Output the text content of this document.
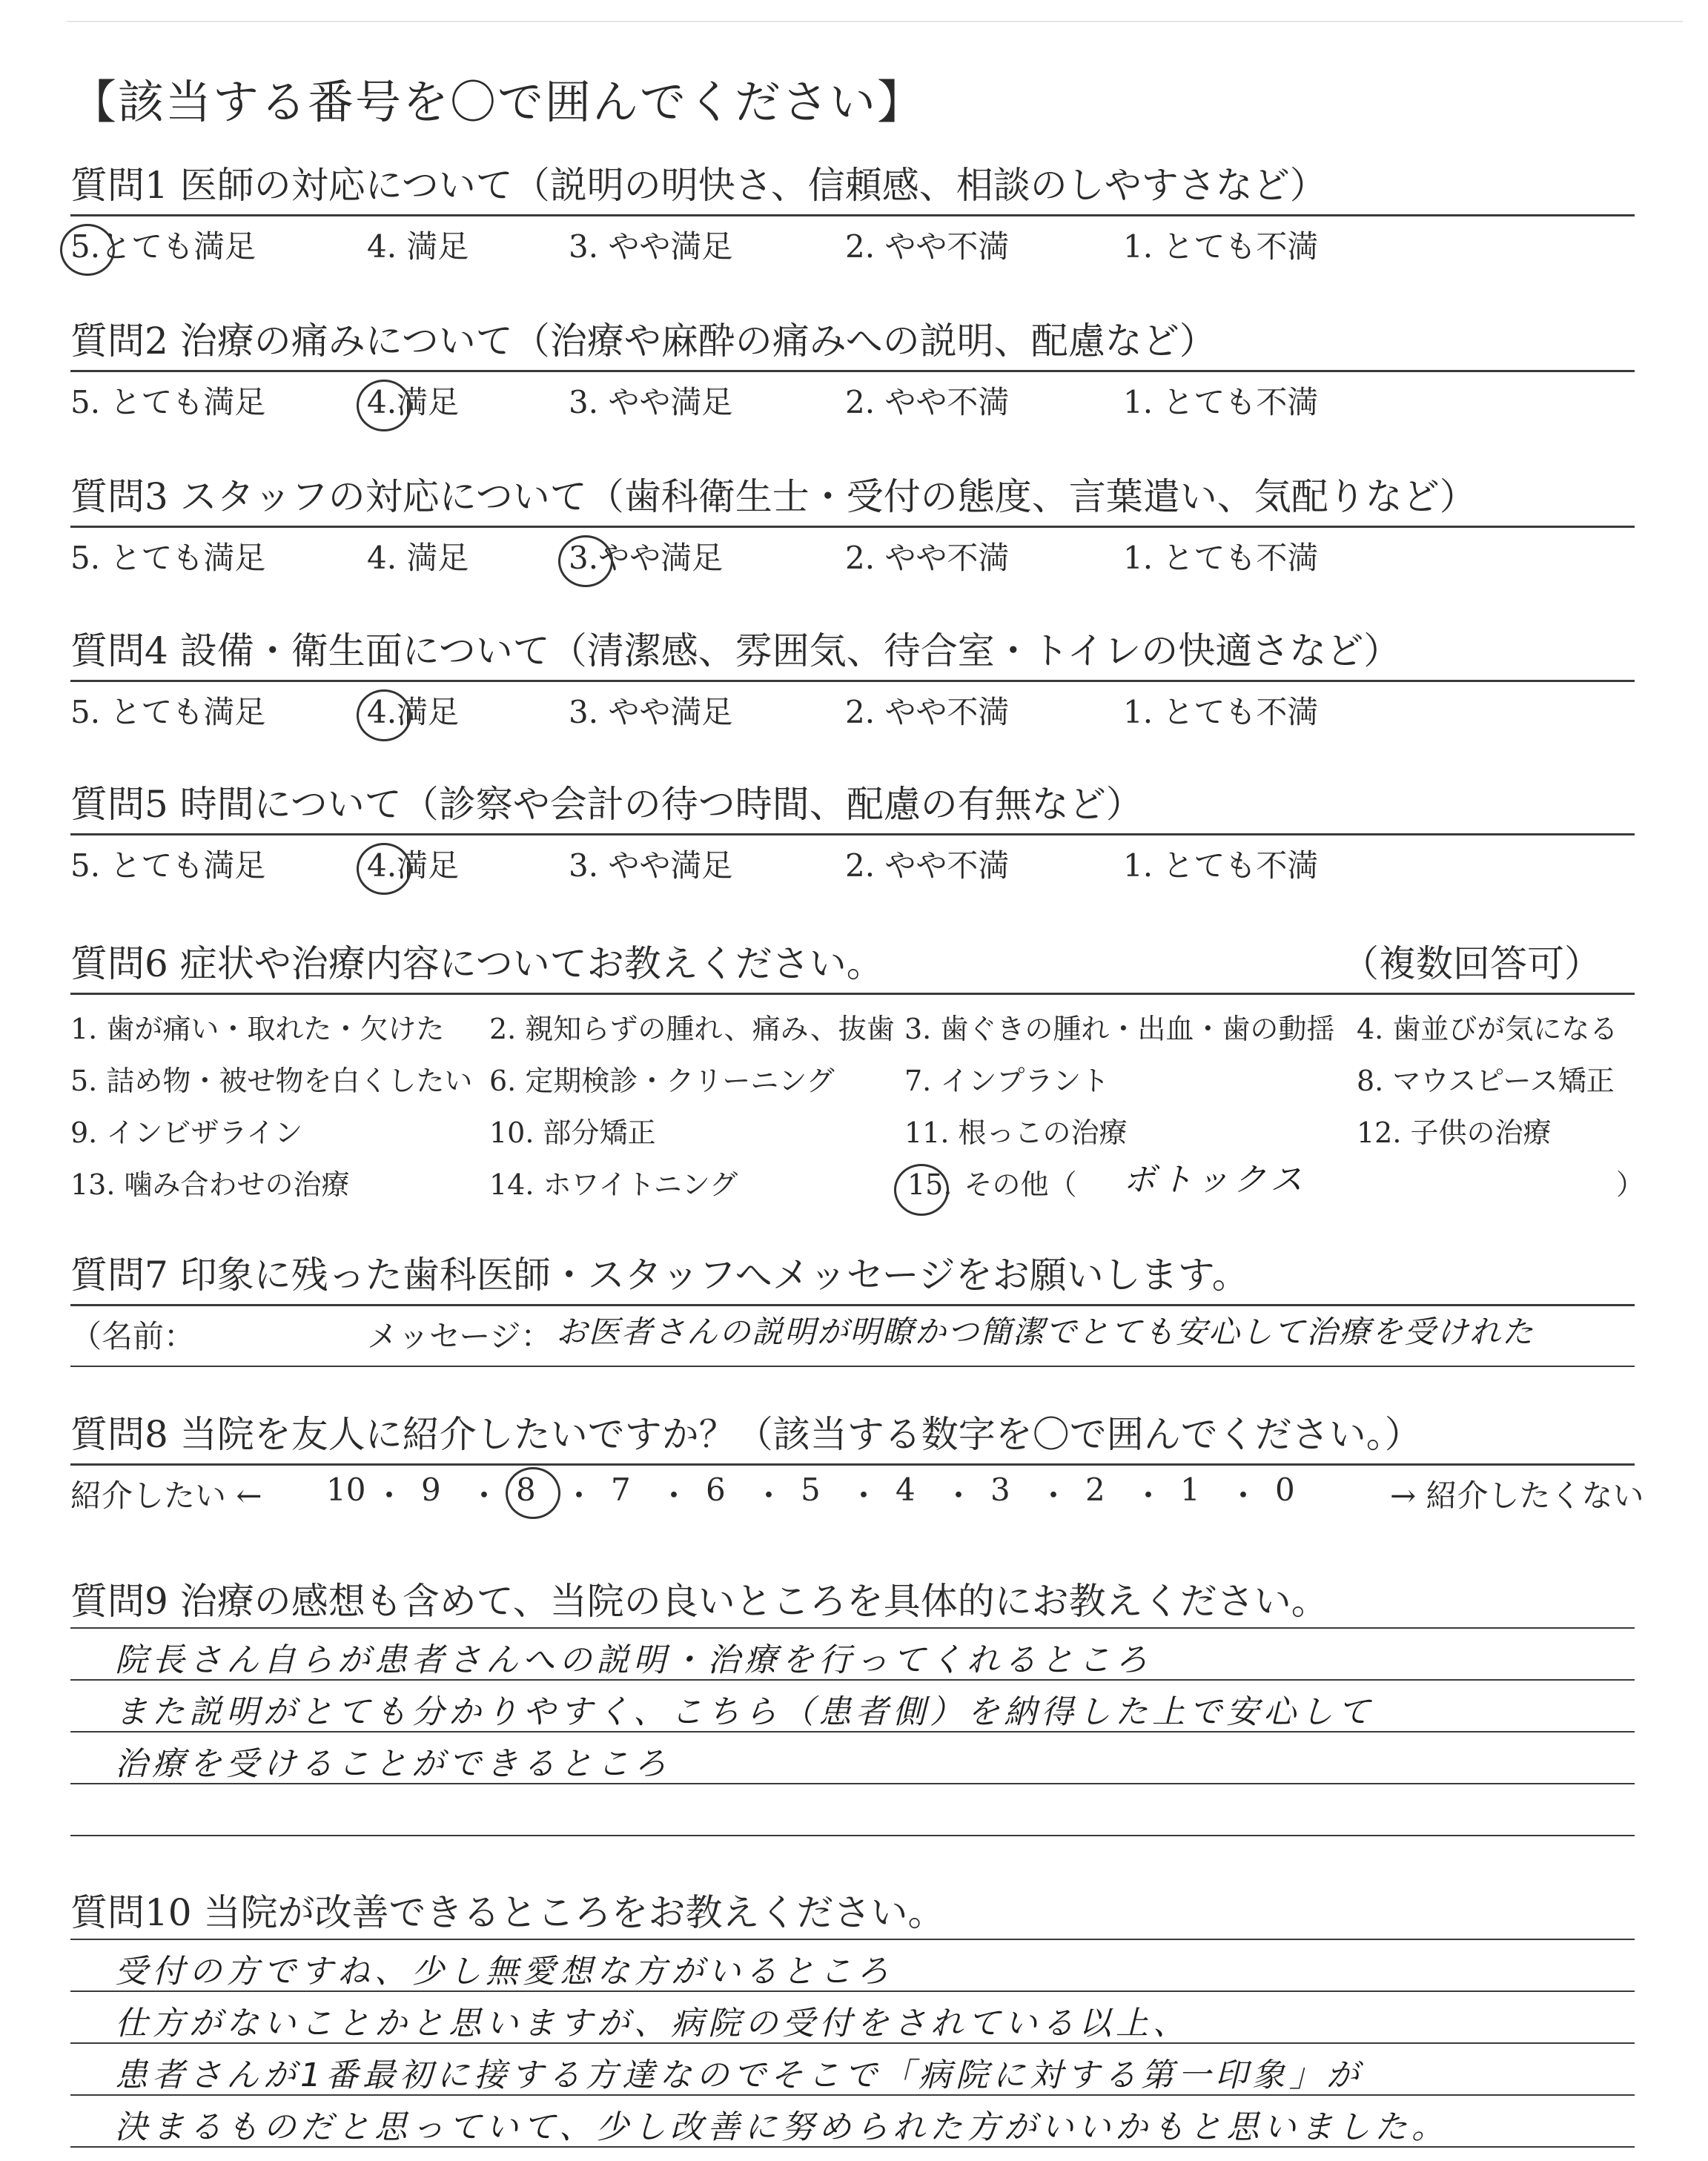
【該当する番号を〇で囲んでください】
質問1 医師の対応について（説明の明快さ、信頼感、相談のしやすさなど）
5.とても満足	4. 満足	3. やや満足	2. やや不満	1. とても不満
質問2 治療の痛みについて（治療や麻酔の痛みへの説明、配慮など）
5. とても満足	4.満足	3. やや満足	2. やや不満	1. とても不満
質問3 スタッフの対応について（歯科衛生士・受付の態度、言葉遣い、気配りなど）
5. とても満足	4. 満足	3.やや満足	2. やや不満	1. とても不満
質問4 設備・衛生面について（清潔感、雰囲気、待合室・トイレの快適さなど）
5. とても満足	4.満足	3. やや満足	2. やや不満	1. とても不満
質問5 時間について（診察や会計の待つ時間、配慮の有無など）
5. とても満足	4.満足	3. やや満足	2. やや不満	1. とても不満
質問6 症状や治療内容についてお教えください。	（複数回答可）
1. 歯が痛い・取れた・欠けた 2. 親知らずの腫れ、痛み、抜歯 3. 歯ぐきの腫れ・出血・歯の動揺 4. 歯並びが気になる
5. 詰め物・被せ物を白くしたい 6. 定期検診・クリーニング 7. インプラント	8. マウスピース矯正
9. インビザライン	10. 部分矯正	11. 根っこの治療	12. 子供の治療
13. 噛み合わせの治療	14. ホワイトニング	15. その他（	）
ボトックス
質問7 印象に残った歯科医師・スタッフへメッセージをお願いします。
（名前：	メッセージ： お医者さんの説明が明瞭かつ簡潔でとても安心して治療を受けれた
質問8 当院を友人に紹介したいですか？（該当する数字を〇で囲んでください。）
紹介したい ←	→ 紹介したくない
10 ・ 9 ・ 8 ・ 7 ・ 6 ・ 5 ・ 4 ・ 3 ・ 2 ・ 1 ・ 0
質問9 治療の感想も含めて、当院の良いところを具体的にお教えください。
院長さん自らが患者さんへの説明・治療を行ってくれるところ
また説明がとても分かりやすく、こちら（患者側）を納得した上で安心して
治療を受けることができるところ
質問10 当院が改善できるところをお教えください。
受付の方ですね、少し無愛想な方がいるところ
仕方がないことかと思いますが、病院の受付をされている以上、
患者さんが1番最初に接する方達なのでそこで「病院に対する第一印象」が
決まるものだと思っていて、少し改善に努められた方がいいかもと思いました。
